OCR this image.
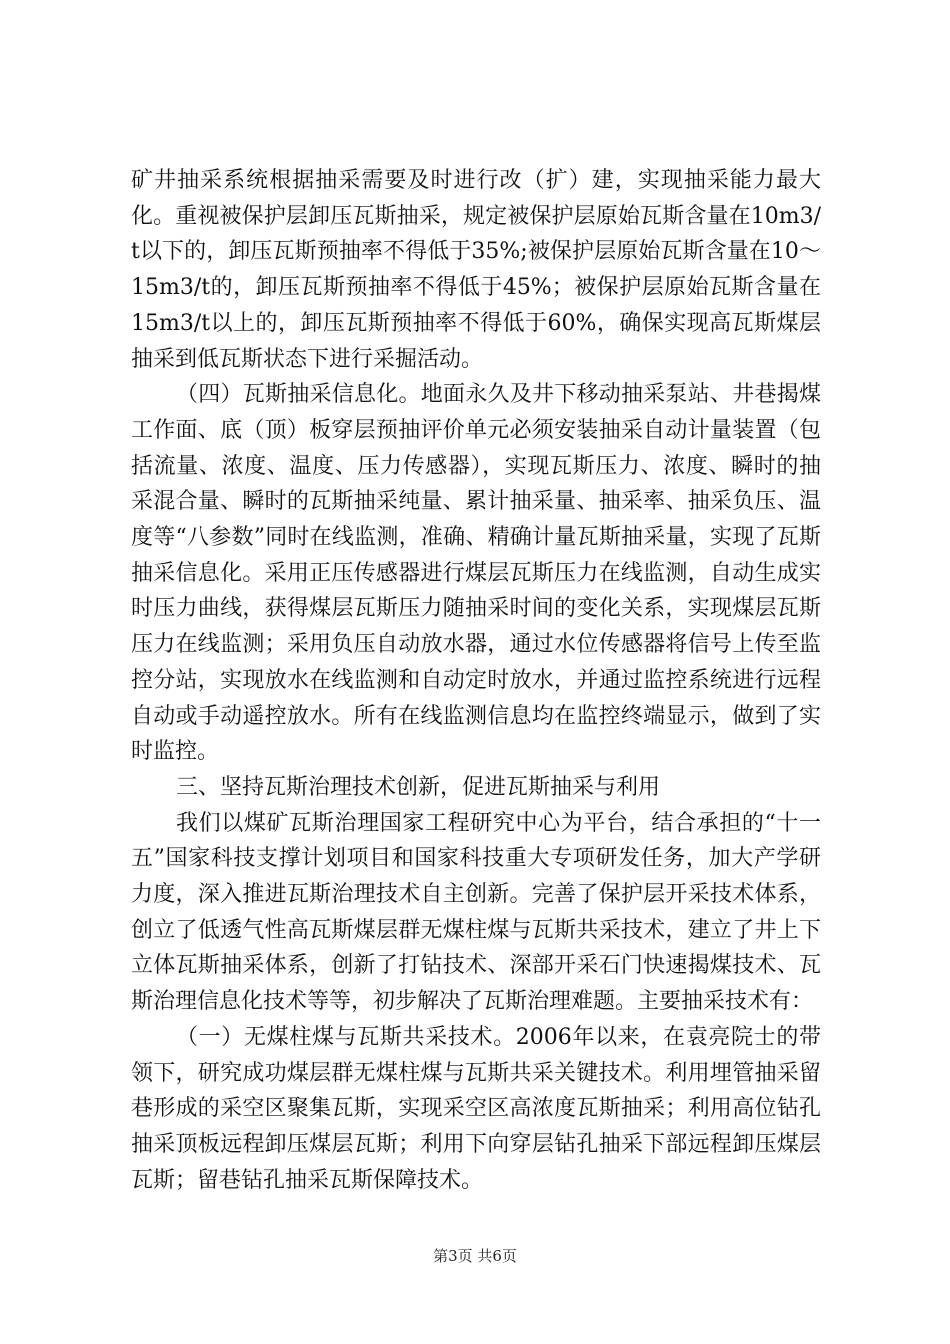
矿井抽采系统根据抽采需要及时进行改（扩）建，实现抽采能力最大化。重视被保护层卸压瓦斯抽采，规定被保护层原始瓦斯含量在10m3/t以下的，卸压瓦斯预抽率不得低于35%;被保护层原始瓦斯含量在10～15m3/t的，卸压瓦斯预抽率不得低于45%；被保护层原始瓦斯含量在15m3/t以上的，卸压瓦斯预抽率不得低于60%，确保实现高瓦斯煤层抽采到低瓦斯状态下进行采掘活动。

（四）瓦斯抽采信息化。地面永久及井下移动抽采泵站、井巷揭煤工作面、底（顶）板穿层预抽评价单元必须安装抽采自动计量装置（包括流量、浓度、温度、压力传感器），实现瓦斯压力、浓度、瞬时的抽采混合量、瞬时的瓦斯抽采纯量、累计抽采量、抽采率、抽采负压、温度等“八参数”同时在线监测，准确、精确计量瓦斯抽采量，实现了瓦斯抽采信息化。采用正压传感器进行煤层瓦斯压力在线监测，自动生成实时压力曲线，获得煤层瓦斯压力随抽采时间的变化关系，实现煤层瓦斯压力在线监测；采用负压自动放水器，通过水位传感器将信号上传至监控分站，实现放水在线监测和自动定时放水，并通过监控系统进行远程自动或手动遥控放水。所有在线监测信息均在监控终端显示，做到了实时监控。

三、坚持瓦斯治理技术创新，促进瓦斯抽采与利用

我们以煤矿瓦斯治理国家工程研究中心为平台，结合承担的“十一五”国家科技支撑计划项目和国家科技重大专项研发任务，加大产学研力度，深入推进瓦斯治理技术自主创新。完善了保护层开采技术体系，创立了低透气性高瓦斯煤层群无煤柱煤与瓦斯共采技术，建立了井上下立体瓦斯抽采体系，创新了打钻技术、深部开采石门快速揭煤技术、瓦斯治理信息化技术等等，初步解决了瓦斯治理难题。主要抽采技术有：

（一）无煤柱煤与瓦斯共采技术。2006年以来，在袁亮院士的带领下，研究成功煤层群无煤柱煤与瓦斯共采关键技术。利用埋管抽采留巷形成的采空区聚集瓦斯，实现采空区高浓度瓦斯抽采；利用高位钻孔抽采顶板远程卸压煤层瓦斯；利用下向穿层钻孔抽采下部远程卸压煤层瓦斯；留巷钻孔抽采瓦斯保障技术。

第3页 共6页
